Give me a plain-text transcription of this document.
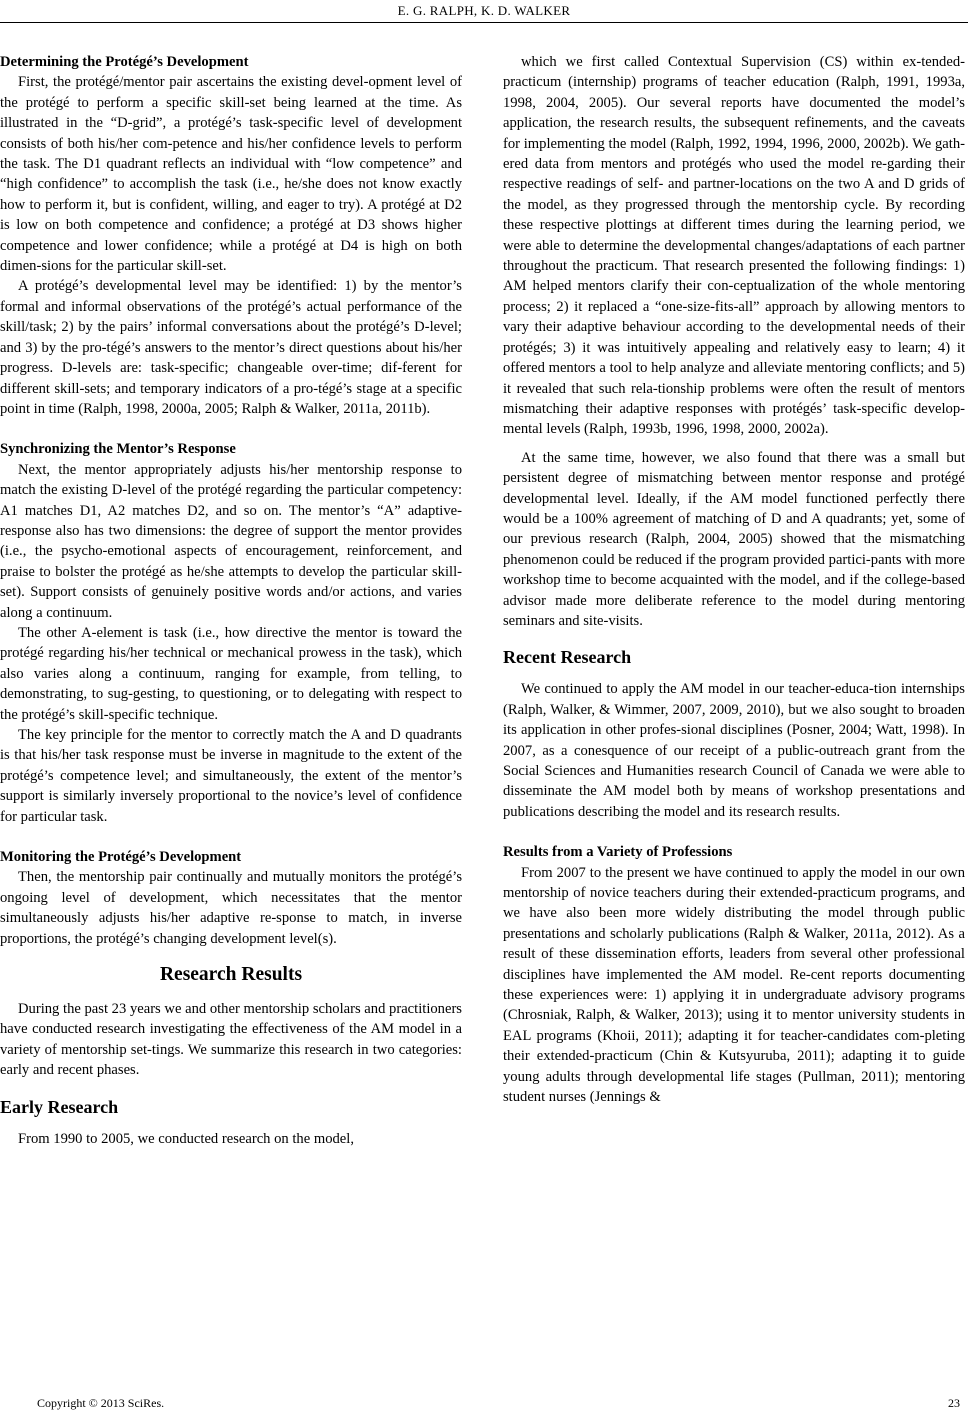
E. G. RALPH, K. D. WALKER
Determining the Protégé’s Development

First, the protégé/mentor pair ascertains the existing devel-opment level of the protégé to perform a specific skill-set being learned at the time. As illustrated in the “D-grid”, a protégé’s task-specific level of development consists of both his/her com-petence and his/her confidence levels to perform the task. The D1 quadrant reflects an individual with “low competence” and “high confidence” to accomplish the task (i.e., he/she does not know exactly how to perform it, but is confident, willing, and eager to try). A protégé at D2 is low on both competence and confidence; a protégé at D3 shows higher competence and lower confidence; while a protégé at D4 is high on both dimen-sions for the particular skill-set.

A protégé’s developmental level may be identified: 1) by the mentor’s formal and informal observations of the protégé’s actual performance of the skill/task; 2) by the pairs’ informal conversations about the protégé’s D-level; and 3) by the pro-tégé’s answers to the mentor’s direct questions about his/her progress. D-levels are: task-specific; changeable over-time; dif-ferent for different skill-sets; and temporary indicators of a pro-tégé’s stage at a specific point in time (Ralph, 1998, 2000a, 2005; Ralph & Walker, 2011a, 2011b).

Synchronizing the Mentor’s Response

Next, the mentor appropriately adjusts his/her mentorship response to match the existing D-level of the protégé regarding the particular competency: A1 matches D1, A2 matches D2, and so on. The mentor’s “A” adaptive-response also has two dimensions: the degree of support the mentor provides (i.e., the psycho-emotional aspects of encouragement, reinforcement, and praise to bolster the protégé as he/she attempts to develop the particular skill-set). Support consists of genuinely positive words and/or actions, and varies along a continuum.

The other A-element is task (i.e., how directive the mentor is toward the protégé regarding his/her technical or mechanical prowess in the task), which also varies along a continuum, ranging for example, from telling, to demonstrating, to sug-gesting, to questioning, or to delegating with respect to the protégé’s skill-specific technique.

The key principle for the mentor to correctly match the A and D quadrants is that his/her task response must be inverse in magnitude to the extent of the protégé’s competence level; and simultaneously, the extent of the mentor’s support is similarly inversely proportional to the novice’s level of confidence for particular task.

Monitoring the Protégé’s Development

Then, the mentorship pair continually and mutually monitors the protégé’s ongoing level of development, which necessitates that the mentor simultaneously adjusts his/her adaptive re-sponse to match, in inverse proportions, the protégé’s changing development level(s).

Research Results

During the past 23 years we and other mentorship scholars and practitioners have conducted research investigating the effectiveness of the AM model in a variety of mentorship set-tings. We summarize this research in two categories: early and recent phases.

Early Research

From 1990 to 2005, we conducted research on the model,

which we first called Contextual Supervision (CS) within ex-tended-practicum (internship) programs of teacher education (Ralph, 1991, 1993a, 1998, 2004, 2005). Our several reports have documented the model’s application, the research results, the subsequent refinements, and the caveats for implementing the model (Ralph, 1992, 1994, 1996, 2000, 2002b). We gath-ered data from mentors and protégés who used the model re-garding their respective readings of self- and partner-locations on the two A and D grids of the model, as they progressed through the mentorship cycle. By recording these respective plottings at different times during the learning period, we were able to determine the developmental changes/adaptations of each partner throughout the practicum. That research presented the following findings: 1) AM helped mentors clarify their con-ceptualization of the whole mentoring process; 2) it replaced a “one-size-fits-all” approach by allowing mentors to vary their adaptive behaviour according to the developmental needs of their protégés; 3) it was intuitively appealing and relatively easy to learn; 4) it offered mentors a tool to help analyze and alleviate mentoring conflicts; and 5) it revealed that such rela-tionship problems were often the result of mentors mismatching their adaptive responses with protégés’ task-specific develop-mental levels (Ralph, 1993b, 1996, 1998, 2000, 2002a).

At the same time, however, we also found that there was a small but persistent degree of mismatching between mentor response and protégé developmental level. Ideally, if the AM model functioned perfectly there would be a 100% agreement of matching of D and A quadrants; yet, some of our previous research (Ralph, 2004, 2005) showed that the mismatching phenomenon could be reduced if the program provided partici-pants with more workshop time to become acquainted with the model, and if the college-based advisor made more deliberate reference to the model during mentoring seminars and site-visits.

Recent Research

We continued to apply the AM model in our teacher-educa-tion internships (Ralph, Walker, & Wimmer, 2007, 2009, 2010), but we also sought to broaden its application in other profes-sional disciplines (Posner, 2004; Watt, 1998). In 2007, as a conesquence of our receipt of a public-outreach grant from the Social Sciences and Humanities research Council of Canada we were able to disseminate the AM model both by means of workshop presentations and publications describing the model and its research results.

Results from a Variety of Professions

From 2007 to the present we have continued to apply the model in our own mentorship of novice teachers during their extended-practicum programs, and we have also been more widely distributing the model through public presentations and scholarly publications (Ralph & Walker, 2011a, 2012). As a result of these dissemination efforts, leaders from several other professional disciplines have implemented the AM model. Re-cent reports documenting these experiences were: 1) applying it in undergraduate advisory programs (Chrosniak, Ralph, & Walker, 2013); using it to mentor university students in EAL programs (Khoii, 2011); adapting it for teacher-candidates com-pleting their extended-practicum (Chin & Kutsyuruba, 2011); adapting it to guide young adults through developmental life stages (Pullman, 2011); mentoring student nurses (Jennings &

Copyright © 2013 SciRes.	23
